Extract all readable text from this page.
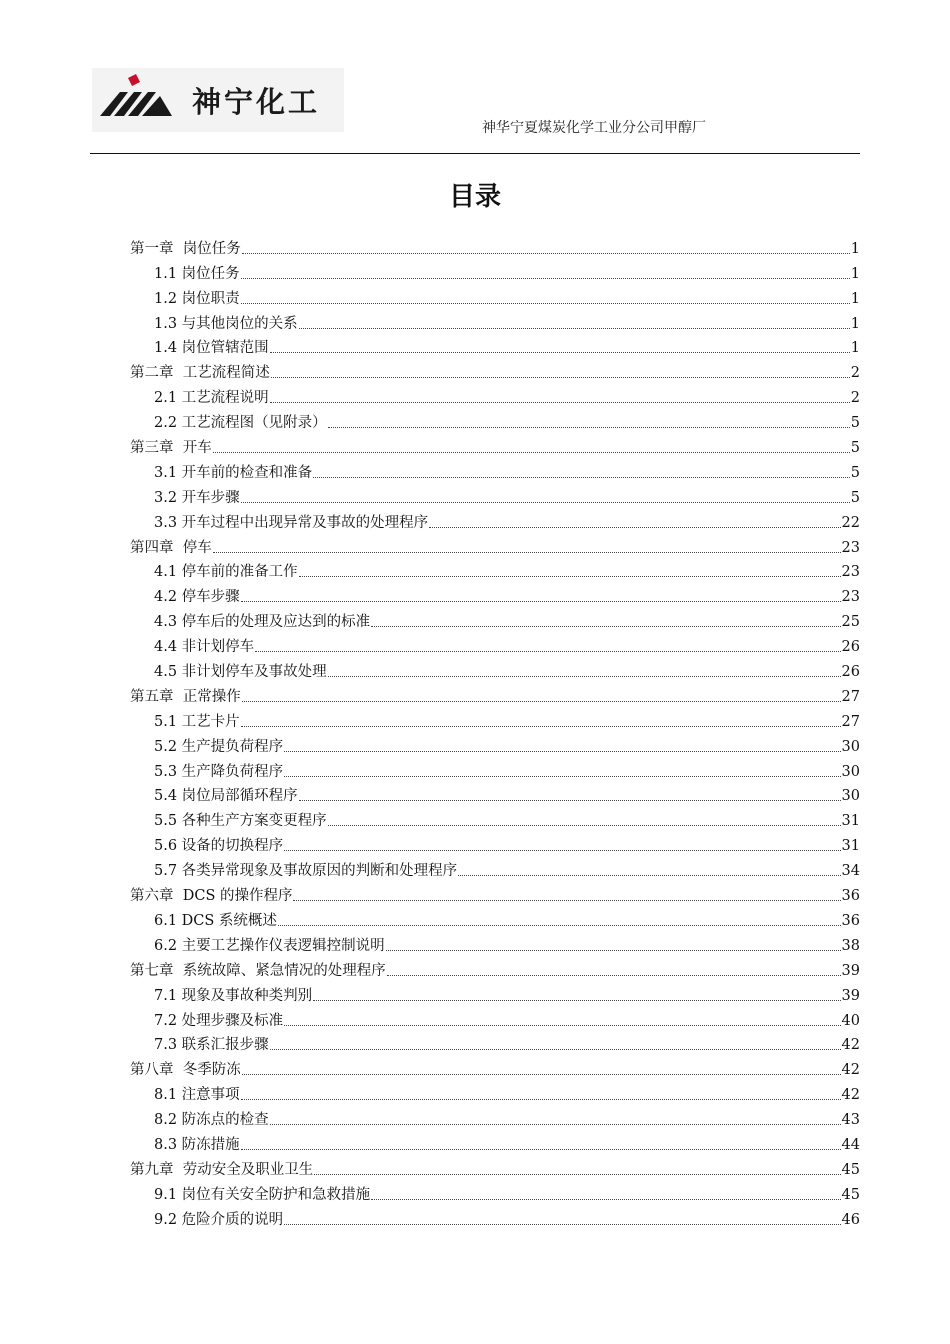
神宁化工
神华宁夏煤炭化学工业分公司甲醇厂
目录
第一章  岗位任务	1
1.1 岗位任务	1
1.2 岗位职责	1
1.3 与其他岗位的关系	1
1.4 岗位管辖范围	1
第二章  工艺流程简述	2
2.1 工艺流程说明	2
2.2 工艺流程图（见附录）	5
第三章  开车	5
3.1 开车前的检查和准备	5
3.2 开车步骤	5
3.3 开车过程中出现异常及事故的处理程序	22
第四章  停车	23
4.1 停车前的准备工作	23
4.2 停车步骤	23
4.3 停车后的处理及应达到的标准	25
4.4 非计划停车	26
4.5 非计划停车及事故处理	26
第五章  正常操作	27
5.1 工艺卡片	27
5.2 生产提负荷程序	30
5.3 生产降负荷程序	30
5.4 岗位局部循环程序	30
5.5 各种生产方案变更程序	31
5.6 设备的切换程序	31
5.7 各类异常现象及事故原因的判断和处理程序	34
第六章  DCS 的操作程序	36
6.1 DCS 系统概述	36
6.2 主要工艺操作仪表逻辑控制说明	38
第七章  系统故障、紧急情况的处理程序	39
7.1 现象及事故种类判别	39
7.2 处理步骤及标准	40
7.3 联系汇报步骤	42
第八章  冬季防冻	42
8.1 注意事项	42
8.2 防冻点的检查	43
8.3 防冻措施	44
第九章  劳动安全及职业卫生	45
9.1 岗位有关安全防护和急救措施	45
9.2 危险介质的说明	46
